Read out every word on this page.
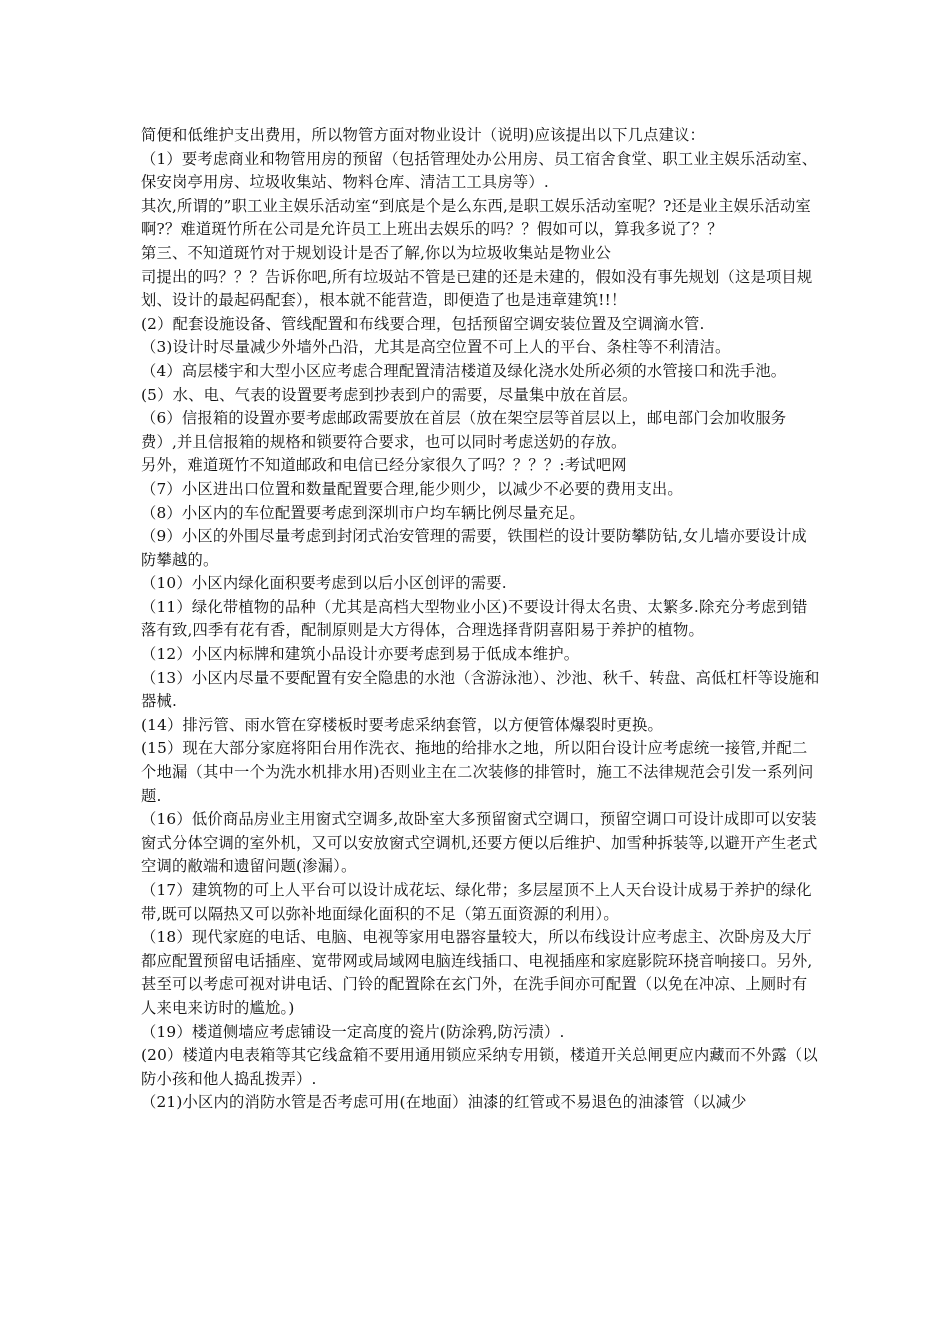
简便和低维护支出费用，所以物管方面对物业设计（说明)应该提出以下几点建议：

（1）要考虑商业和物管用房的预留（包括管理处办公用房、员工宿舍食堂、职工业主娱乐活动室、保安岗亭用房、垃圾收集站、物料仓库、清洁工工具房等）.

其次,所谓的”职工业主娱乐活动室“到底是个是么东西,是职工娱乐活动室呢？?还是业主娱乐活动室啊?？难道斑竹所在公司是允许员工上班出去娱乐的吗？？假如可以，算我多说了？？

第三、不知道斑竹对于规划设计是否了解,你以为垃圾收集站是物业公

司提出的吗？？？告诉你吧,所有垃圾站不管是已建的还是未建的，假如没有事先规划（这是项目规划、设计的最起码配套），根本就不能营造，即便造了也是违章建筑!!！

(2）配套设施设备、管线配置和布线要合理，包括预留空调安装位置及空调滴水管.

（3)设计时尽量减少外墙外凸沿，尤其是高空位置不可上人的平台、条柱等不利清洁。

（4）高层楼宇和大型小区应考虑合理配置清洁楼道及绿化浇水处所必须的水管接口和洗手池。

(5）水、电、气表的设置要考虑到抄表到户的需要，尽量集中放在首层。

（6）信报箱的设置亦要考虑邮政需要放在首层（放在架空层等首层以上，邮电部门会加收服务费）,并且信报箱的规格和锁要符合要求，也可以同时考虑送奶的存放。

另外，难道斑竹不知道邮政和电信已经分家很久了吗？？？？:考试吧网

（7）小区进出口位置和数量配置要合理,能少则少，以减少不必要的费用支出。

（8）小区内的车位配置要考虑到深圳市户均车辆比例尽量充足。

（9）小区的外围尽量考虑到封闭式治安管理的需要，铁围栏的设计要防攀防钻,女儿墙亦要设计成防攀越的。

（10）小区内绿化面积要考虑到以后小区创评的需要.

（11）绿化带植物的品种（尤其是高档大型物业小区)不要设计得太名贵、太繁多.除充分考虑到错落有致,四季有花有香，配制原则是大方得体，合理选择背阴喜阳易于养护的植物。

（12）小区内标牌和建筑小品设计亦要考虑到易于低成本维护。

（13）小区内尽量不要配置有安全隐患的水池（含游泳池）、沙池、秋千、转盘、高低杠杆等设施和器械.

(14）排污管、雨水管在穿楼板时要考虑采纳套管，以方便管体爆裂时更换。

(15）现在大部分家庭将阳台用作洗衣、拖地的给排水之地，所以阳台设计应考虑统一接管,并配二个地漏（其中一个为洗水机排水用)否则业主在二次装修的排管时，施工不法律规范会引发一系列问题.

（16）低价商品房业主用窗式空调多,故卧室大多预留窗式空调口，预留空调口可设计成即可以安装窗式分体空调的室外机，又可以安放窗式空调机,还要方便以后维护、加雪种拆装等,以避开产生老式空调的敝端和遗留问题(渗漏）。

（17）建筑物的可上人平台可以设计成花坛、绿化带；多层屋顶不上人天台设计成易于养护的绿化带,既可以隔热又可以弥补地面绿化面积的不足（第五面资源的利用）。

（18）现代家庭的电话、电脑、电视等家用电器容量较大，所以布线设计应考虑主、次卧房及大厅都应配置预留电话插座、宽带网或局域网电脑连线插口、电视插座和家庭影院环挠音响接口。另外,甚至可以考虑可视对讲电话、门铃的配置除在玄门外，在洗手间亦可配置（以免在冲凉、上厕时有人来电来访时的尴尬。)

（19）楼道侧墙应考虑铺设一定高度的瓷片(防涂鸦,防污渍）.

(20）楼道内电表箱等其它线盒箱不要用通用锁应采纳专用锁，楼道开关总闸更应内藏而不外露（以防小孩和他人捣乱拨弄）.

（21)小区内的消防水管是否考虑可用(在地面）油漆的红管或不易退色的油漆管（以减少
